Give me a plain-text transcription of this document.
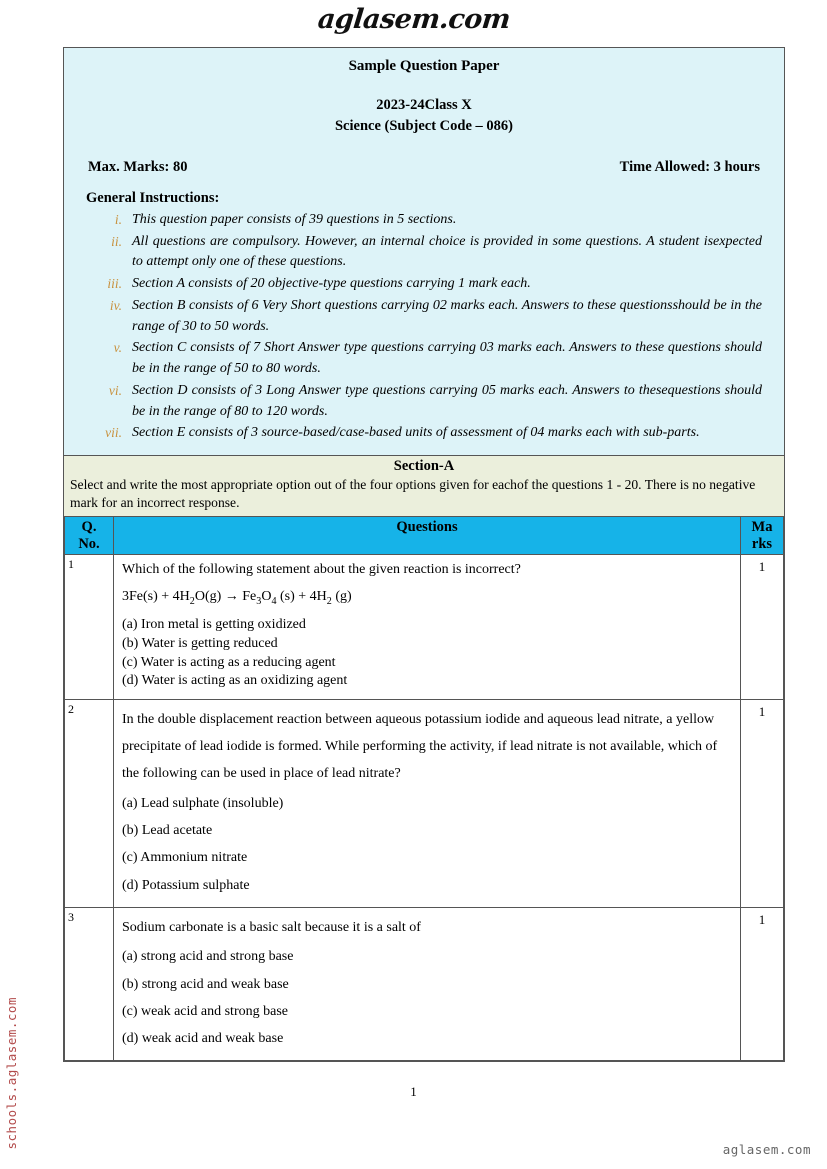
aglasem.com
Sample Question Paper
2023-24Class X
Science (Subject Code – 086)
Max. Marks: 80	Time Allowed: 3 hours
General Instructions:
i. This question paper consists of 39 questions in 5 sections.
ii. All questions are compulsory. However, an internal choice is provided in some questions. A student isexpected to attempt only one of these questions.
iii. Section A consists of 20 objective-type questions carrying 1 mark each.
iv. Section B consists of 6 Very Short questions carrying 02 marks each. Answers to these questionsshould be in the range of 30 to 50 words.
v. Section C consists of 7 Short Answer type questions carrying 03 marks each. Answers to these questions should be in the range of 50 to 80 words.
vi. Section D consists of 3 Long Answer type questions carrying 05 marks each. Answers to thesequestions should be in the range of 80 to 120 words.
vii. Section E consists of 3 source-based/case-based units of assessment of 04 marks each with sub-parts.
Section-A
Select and write the most appropriate option out of the four options given for eachof the questions 1 - 20. There is no negative mark for an incorrect response.
Q.
No.
	Questions	Ma
rks

1	Which of the following statement about the given reaction is incorrect?
$3Fe(s) + 4H_2O(g) \to Fe_3O_4$ $(s) + 4H_2$ (g)
(a) Iron metal is getting oxidized
(b) Water is getting reduced
(c) Water is acting as a reducing agent
(d) Water is acting as an oxidizing agent
	1
2	In the double displacement reaction between aqueous potassium iodide and aqueous lead nitrate, a yellow precipitate of lead iodide is formed. While performing the activity, if lead nitrate is not available, which of the following can be used in place of lead nitrate?
(a) Lead sulphate (insoluble)
(b) Lead acetate
(c) Ammonium nitrate
(d) Potassium sulphate	1
3	Sodium carbonate is a basic salt because it is a salt of
(a) strong acid and strong base
(b) strong acid and weak base
(c) weak acid and strong base
(d) weak acid and weak base	1
1
schools.aglasem.com
aglasem.com
